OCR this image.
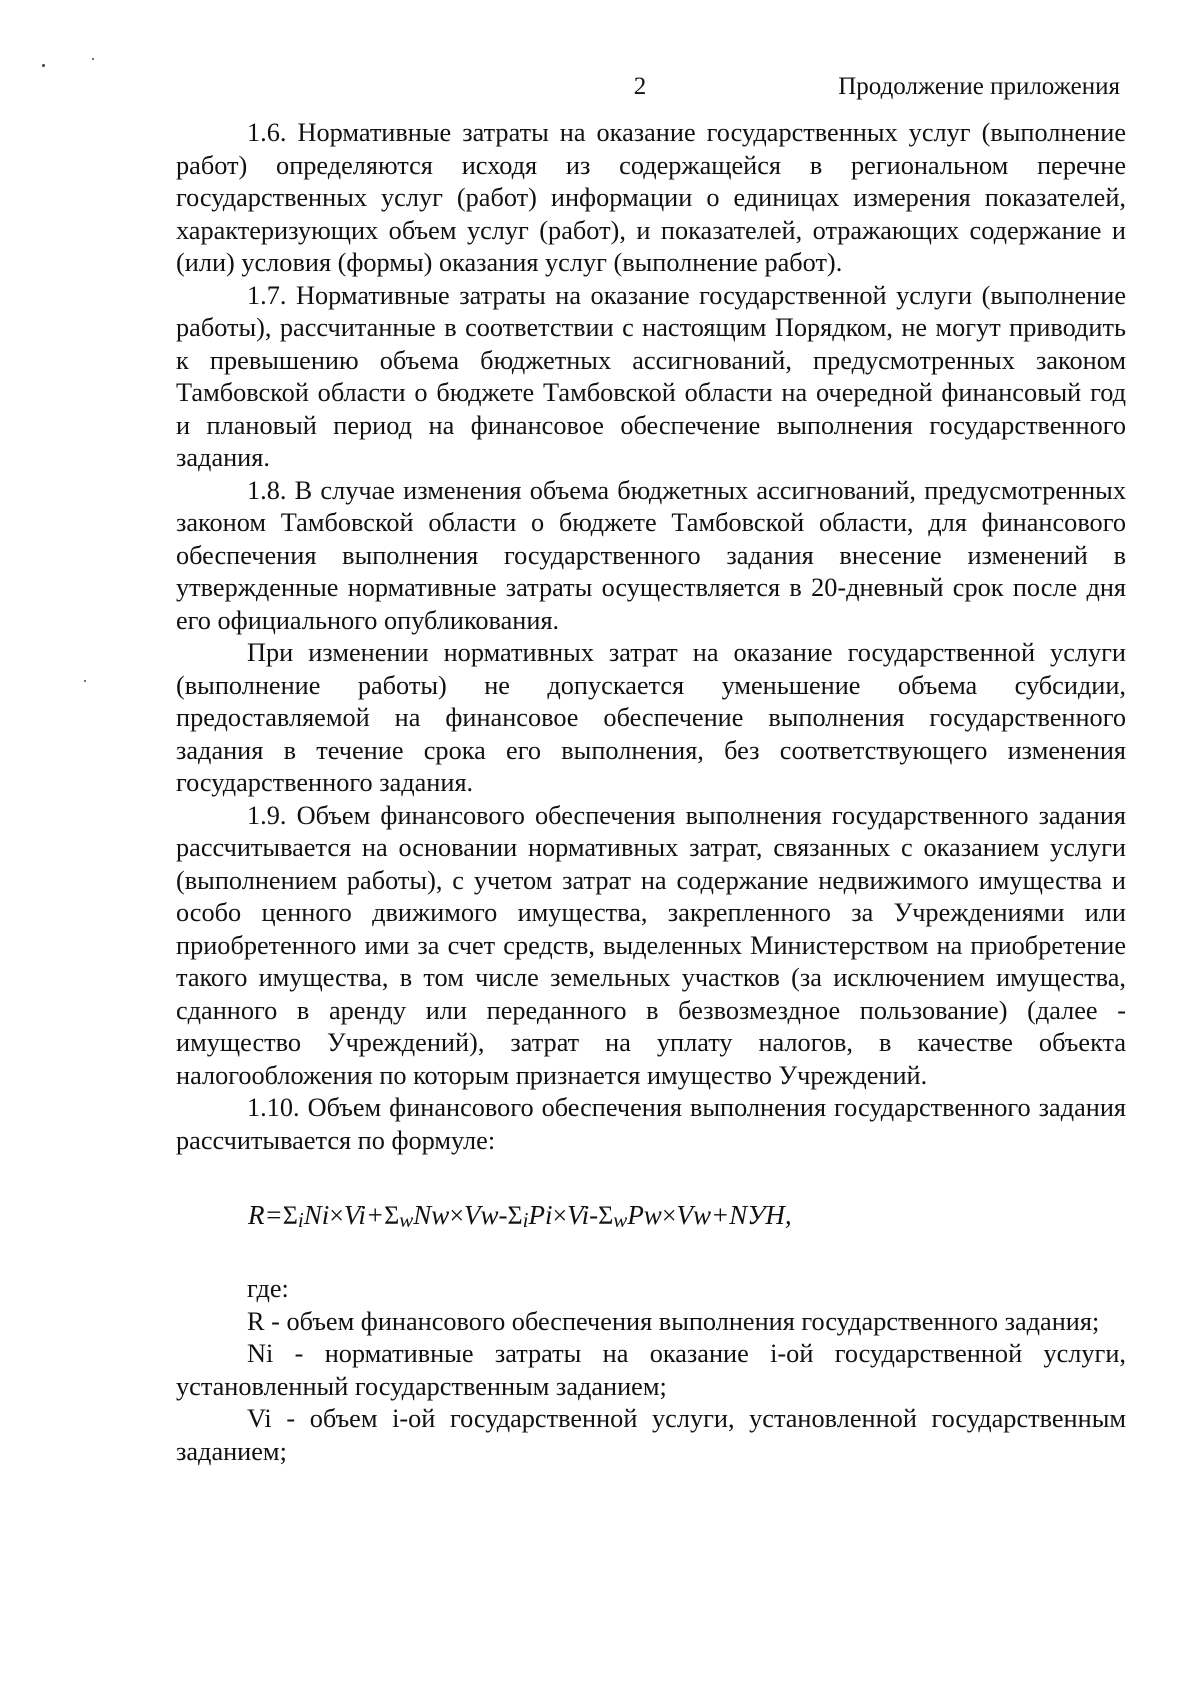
2	Продолжение приложения

1.6. Нормативные затраты на оказание государственных услуг (выполнение работ) определяются исходя из содержащейся в региональном перечне государственных услуг (работ) информации о единицах измерения показателей, характеризующих объем услуг (работ), и показателей, отражающих содержание и (или) условия (формы) оказания услуг (выполнение работ).

1.7. Нормативные затраты на оказание государственной услуги (выполнение работы), рассчитанные в соответствии с настоящим Порядком, не могут приводить к превышению объема бюджетных ассигнований, предусмотренных законом Тамбовской области о бюджете Тамбовской области на очередной финансовый год и плановый период на финансовое обеспечение выполнения государственного задания.

1.8. В случае изменения объема бюджетных ассигнований, предусмотренных законом Тамбовской области о бюджете Тамбовской области, для финансового обеспечения выполнения государственного задания внесение изменений в утвержденные нормативные затраты осуществляется в 20-дневный срок после дня его официального опубликования.

При изменении нормативных затрат на оказание государственной услуги (выполнение работы) не допускается уменьшение объема субсидии, предоставляемой на финансовое обеспечение выполнения государственного задания в течение срока его выполнения, без соответствующего изменения государственного задания.

1.9. Объем финансового обеспечения выполнения государственного задания рассчитывается на основании нормативных затрат, связанных с оказанием услуги (выполнением работы), с учетом затрат на содержание недвижимого имущества и особо ценного движимого имущества, закрепленного за Учреждениями или приобретенного ими за счет средств, выделенных Министерством на приобретение такого имущества, в том числе земельных участков (за исключением имущества, сданного в аренду или переданного в безвозмездное пользование) (далее - имущество Учреждений), затрат на уплату налогов, в качестве объекта налогообложения по которым признается имущество Учреждений.

1.10. Объем финансового обеспечения выполнения государственного задания рассчитывается по формуле:

R=ΣiNi×Vi+ΣwNw×Vw-ΣiPi×Vi-ΣwPw×Vw+NУН,

где:

R - объем финансового обеспечения выполнения государственного задания;

Ni - нормативные затраты на оказание i-ой государственной услуги, установленный государственным заданием;

Vi - объем i-ой государственной услуги, установленной государственным заданием;
